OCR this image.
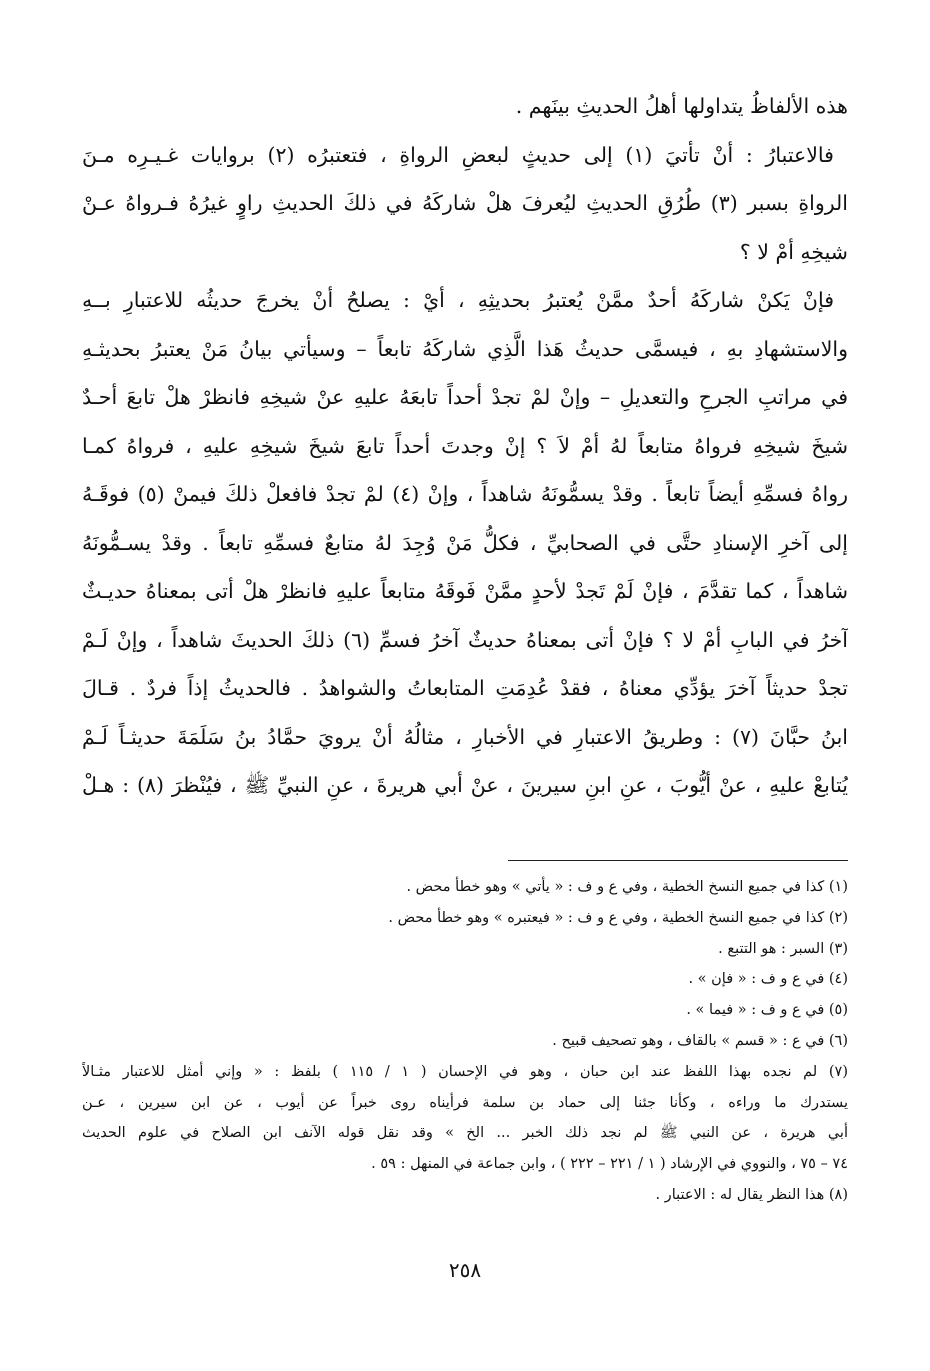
هذه الألفاظُ يتداولها أهلُ الحديثِ بينَهم .
فالاعتبارُ : أنْ تأتيَ (١) إلى حديثٍ لبعضِ الرواةِ ، فتعتبرُه (٢) بروايات غـيـرِه مـنَ
الرواةِ بسبر (٣) طُرُقِ الحديثِ ليُعرفَ هلْ شاركَهُ في ذلكَ الحديثِ راوٍ غيرُهُ فـرواهُ عـنْ
شيخِهِ أمْ لا ؟
فإنْ يَكنْ شاركَهُ أحدٌ ممَّنْ يُعتبرُ بحديثِهِ ، أيْ : يصلحُ أنْ يخرجَ حديثُه للاعتبارِ بــهِ
والاستشهادِ بهِ ، فيسمَّى حديثُ هَذا الَّذِي شاركَهُ تابعاً – وسيأتي بيانُ مَنْ يعتبرُ بحديثـهِ
في مراتبِ الجرحِ والتعديلِ – وإنْ لمْ تجدْ أحداً تابعَهُ عليهِ عنْ شيخِهِ فانظرْ هلْ تابعَ أحـدٌ
شيخَ شيخِهِ فرواهُ متابعاً لهُ أمْ لاَ ؟ إنْ وجدتَ أحداً تابعَ شيخَ شيخِهِ عليهِ ، فرواهُ كمـا
رواهُ فسمِّهِ أيضاً تابعاً . وقدْ يسمُّونَهُ شاهداً ، وإنْ (٤) لمْ تجدْ فافعلْ ذلكَ فيمنْ (٥) فوقَـهُ
إلى آخرِ الإسنادِ حتَّى في الصحابيِّ ، فكلُّ مَنْ وُجِدَ لهُ متابعٌ فسمِّهِ تابعاً . وقدْ يسـمُّونَهُ
شاهداً ، كما تقدَّمَ ، فإنْ لَمْ تَجدْ لأحدٍ ممَّنْ فَوقَهُ متابعاً عليهِ فانظرْ هلْ أتى بمعناهُ حديـثٌ
آخرُ في البابِ أمْ لا ؟ فإنْ أتى بمعناهُ حديثٌ آخرُ فسمِّ (٦) ذلكَ الحديثَ شاهداً ، وإنْ لَـمْ
تجدْ حديثاً آخرَ يؤدِّي معناهُ ، فقدْ عُدِمَتِ المتابعاتُ والشواهدُ . فالحديثُ إذاً فردٌ . قـالَ
ابنُ حبَّانَ (٧) : وطريقُ الاعتبارِ في الأخبارِ ، مثالُهُ أنْ يرويَ حمَّادُ بنُ سَلَمَةَ حديثـاً لَـمْ
يُتابعْ عليهِ ، عنْ أيُّوبَ ، عنِ ابنِ سيرينَ ، عنْ أبي هريرةَ ، عنِ النبيِّ ﷺ ، فيُنْظرَ (٨) : هـلْ
(١) كذا في جميع النسخ الخطية ، وفي ع و ف : « يأتي » وهو خطأ محض .
(٢) كذا في جميع النسخ الخطية ، وفي ع و ف : « فيعتبره » وهو خطأ محض .
(٣) السبر : هو التتبع .
(٤) في ع و ف : « فإن » .
(٥) في ع و ف : « فيما » .
(٦) في ع : « قسم » بالقاف ، وهو تصحيف قبيح .
(٧) لم نجده بهذا اللفظ عند ابن حبان ، وهو في الإحسان ( ١ / ١١٥ ) بلفظ : « وإني أمثل للاعتبار مثـالاً
يستدرك ما وراءه ، وكأنا جئنا إلى حماد بن سلمة فرأيناه روى خبراً عن أيوب ، عن ابن سيرين ، عـن
أبي هريرة ، عن النبي ﷺ لم نجد ذلك الخبر ... الخ » وقد نقل قوله الآنف ابن الصلاح في علوم الحديث
٧٤ – ٧٥ ، والنووي في الإرشاد ( ١ / ٢٢١ – ٢٢٢ ) ، وابن جماعة في المنهل : ٥٩ .
(٨) هذا النظر يقال له : الاعتبار .
٢٥٨
